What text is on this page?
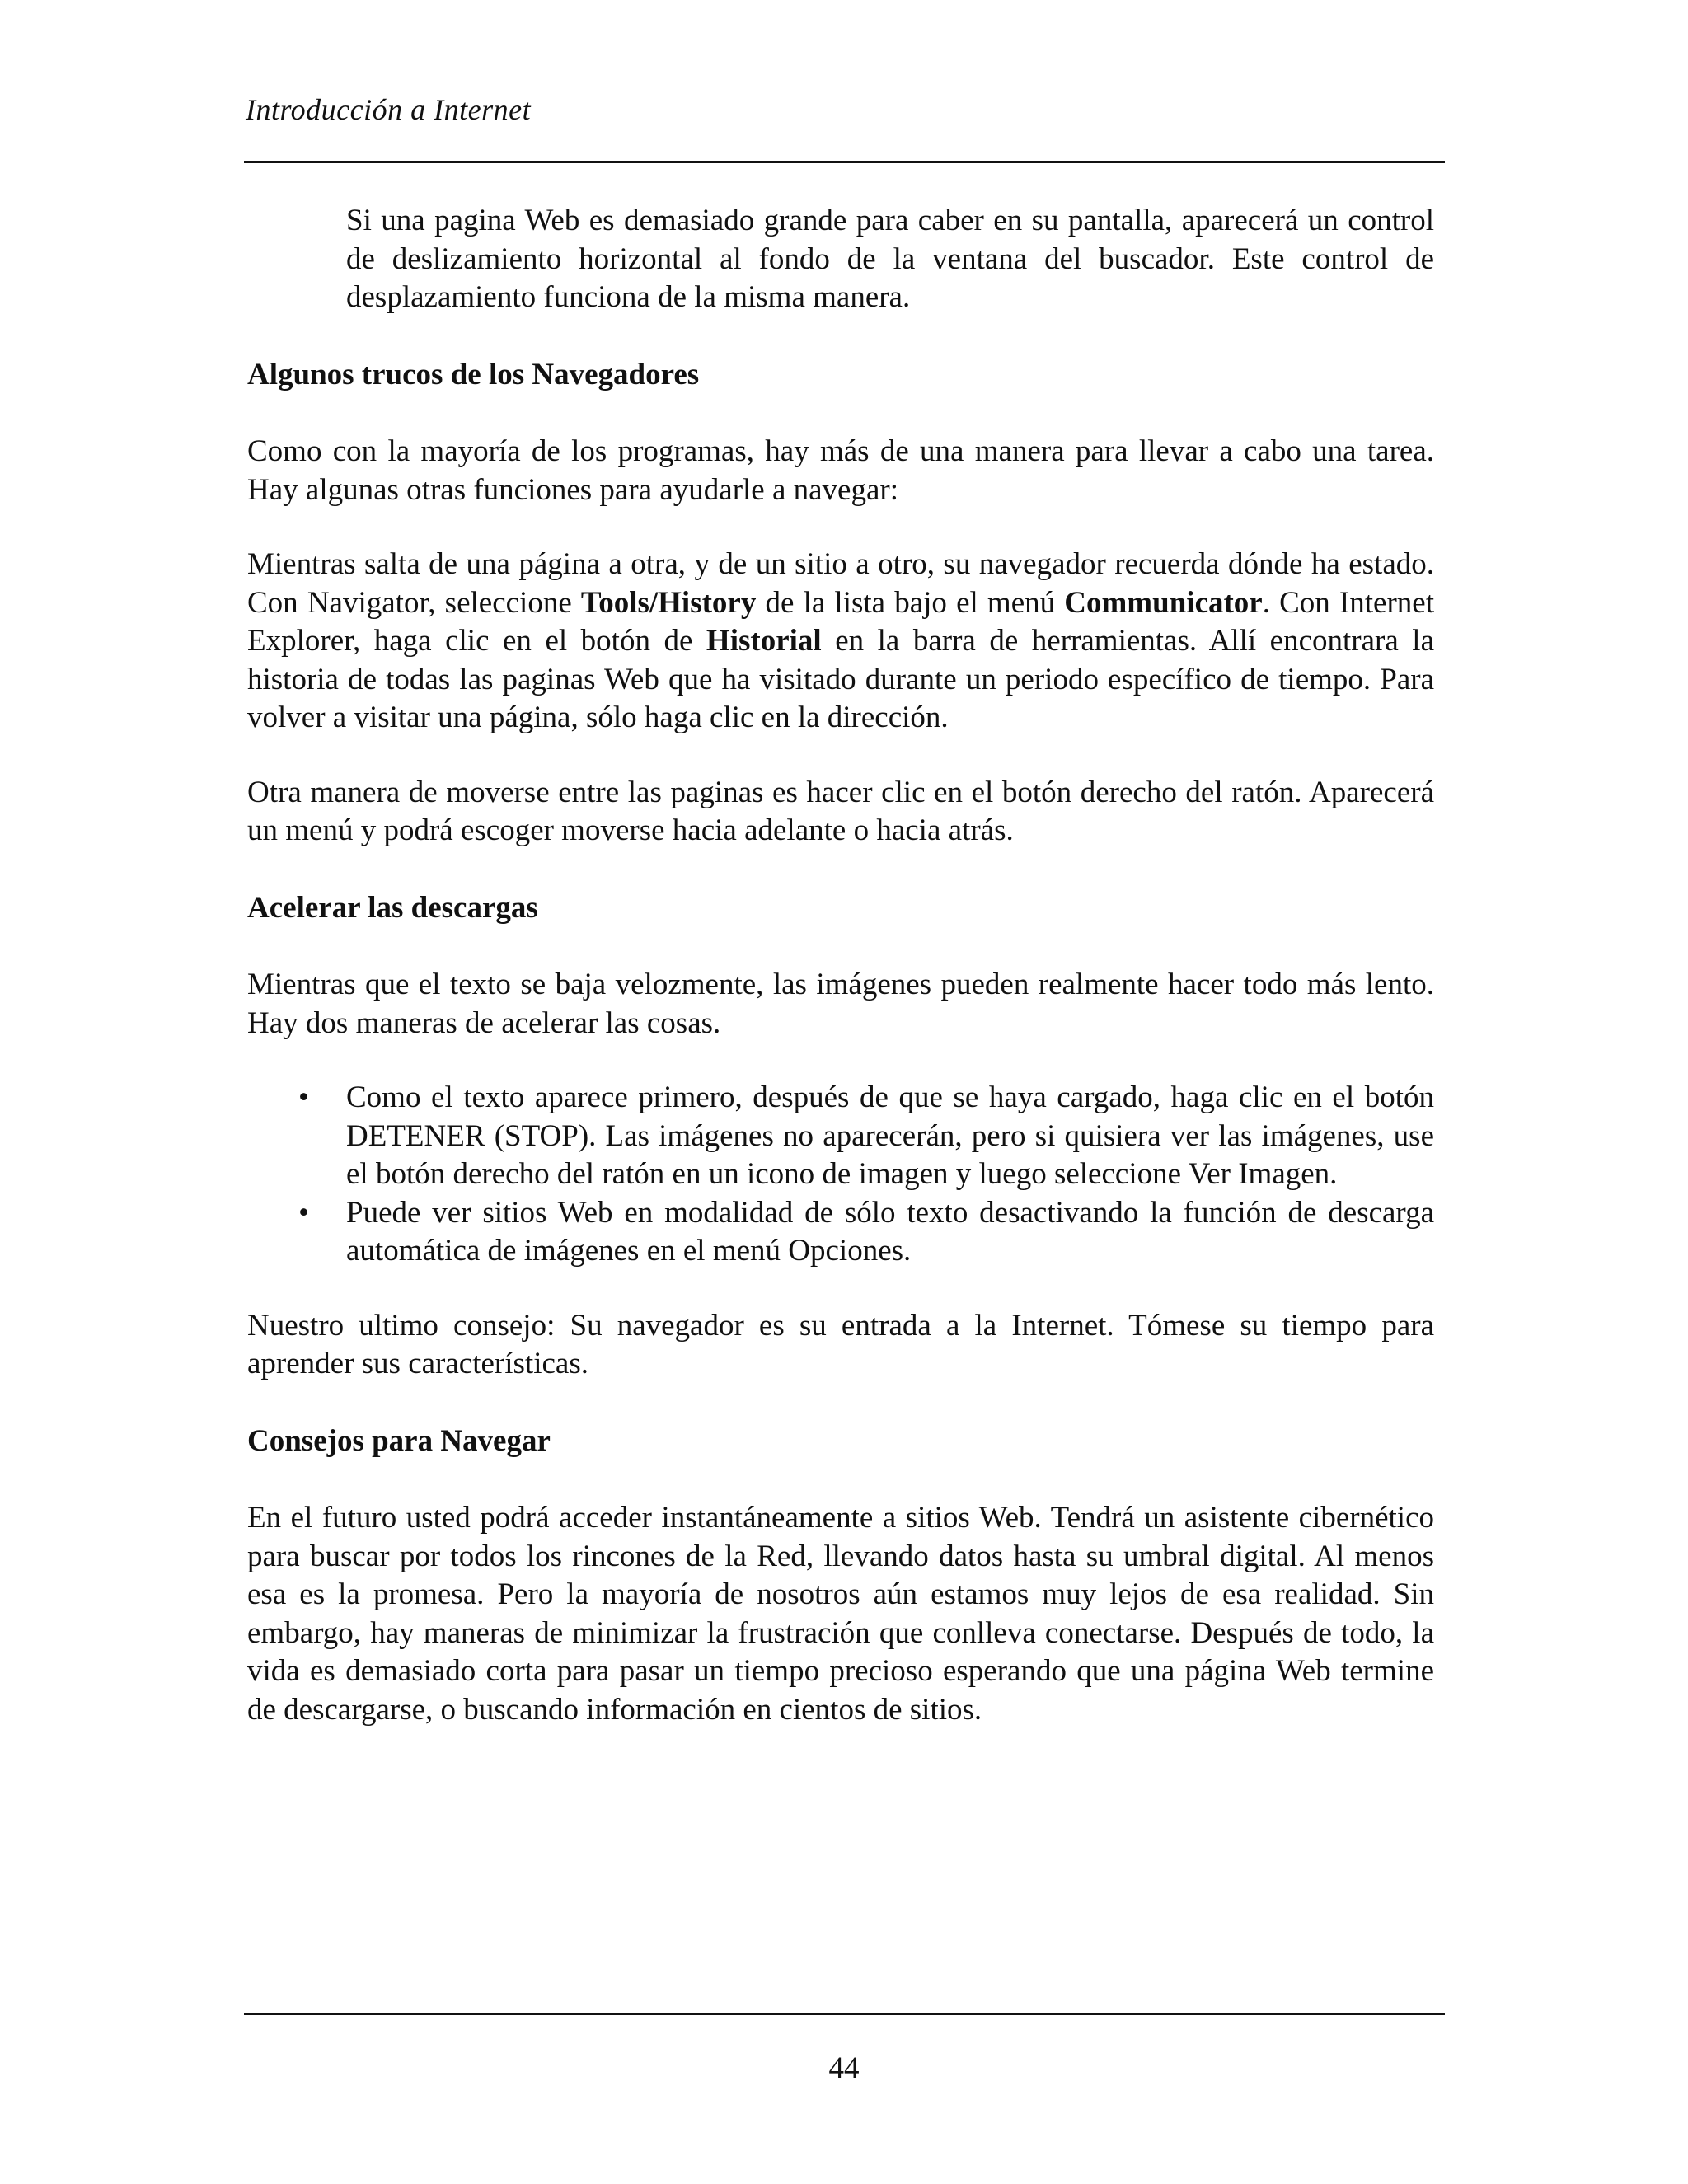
Introducción a Internet

Si una pagina Web es demasiado grande para caber en su pantalla, aparecerá un control de deslizamiento horizontal al fondo de la ventana del buscador. Este control de desplazamiento funciona de la misma manera.

Algunos trucos de los Navegadores

Como con la mayoría de los programas, hay más de una manera para llevar a cabo una tarea. Hay algunas otras funciones para ayudarle a navegar:

Mientras salta de una página a otra, y de un sitio a otro, su navegador recuerda dónde ha estado. Con Navigator, seleccione Tools/History de la lista bajo el menú Communicator. Con Internet Explorer, haga clic en el botón de Historial en la barra de herramientas. Allí encontrara la historia de todas las paginas Web que ha visitado durante un periodo específico de tiempo. Para volver a visitar una página, sólo haga clic en la dirección.

Otra manera de moverse entre las paginas es hacer clic en el botón derecho del ratón. Aparecerá un menú y podrá escoger moverse hacia adelante o hacia atrás.

Acelerar las descargas

Mientras que el texto se baja velozmente, las imágenes pueden realmente hacer todo más lento. Hay dos maneras de acelerar las cosas.

• Como el texto aparece primero, después de que se haya cargado, haga clic en el botón DETENER (STOP). Las imágenes no aparecerán, pero si quisiera ver las imágenes, use el botón derecho del ratón en un icono de imagen y luego seleccione Ver Imagen.
• Puede ver sitios Web en modalidad de sólo texto desactivando la función de descarga automática de imágenes en el menú Opciones.

Nuestro ultimo consejo: Su navegador es su entrada a la Internet. Tómese su tiempo para aprender sus características.

Consejos para Navegar

En el futuro usted podrá acceder instantáneamente a sitios Web. Tendrá un asistente cibernético para buscar por todos los rincones de la Red, llevando datos hasta su umbral digital. Al menos esa es la promesa. Pero la mayoría de nosotros aún estamos muy lejos de esa realidad. Sin embargo, hay maneras de minimizar la frustración que conlleva conectarse. Después de todo, la vida es demasiado corta para pasar un tiempo precioso esperando que una página Web termine de descargarse, o buscando información en cientos de sitios.

44
